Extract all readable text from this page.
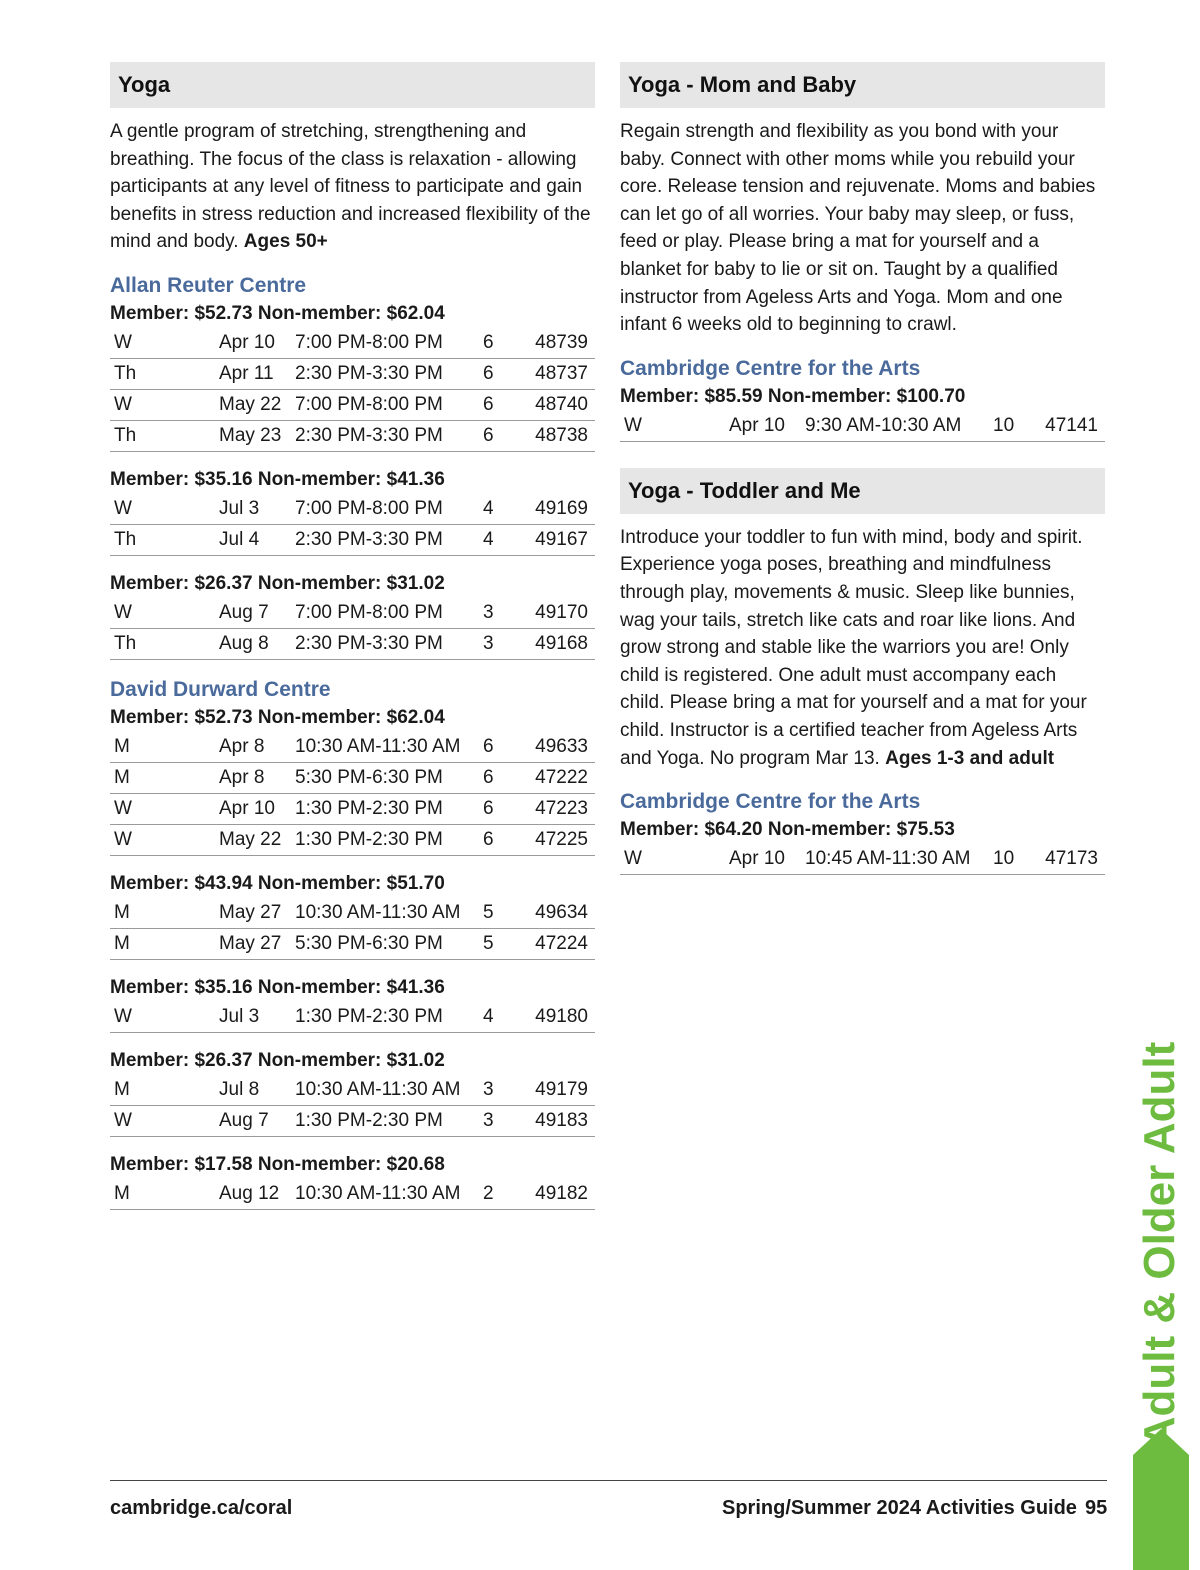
Yoga

A gentle program of stretching, strengthening and breathing. The focus of the class is relaxation - allowing participants at any level of fitness to participate and gain benefits in stress reduction and increased flexibility of the mind and body. Ages 50+

Allan Reuter Centre
Member: $52.73 Non-member: $62.04
W	Apr 10	7:00 PM-8:00 PM	6	48739
Th	Apr 11	2:30 PM-3:30 PM	6	48737
W	May 22	7:00 PM-8:00 PM	6	48740
Th	May 23	2:30 PM-3:30 PM	6	48738
Member: $35.16 Non-member: $41.36
W	Jul 3	7:00 PM-8:00 PM	4	49169
Th	Jul 4	2:30 PM-3:30 PM	4	49167
Member: $26.37 Non-member: $31.02
W	Aug 7	7:00 PM-8:00 PM	3	49170
Th	Aug 8	2:30 PM-3:30 PM	3	49168
David Durward Centre
Member: $52.73 Non-member: $62.04
M	Apr 8	10:30 AM-11:30 AM	6	49633
M	Apr 8	5:30 PM-6:30 PM	6	47222
W	Apr 10	1:30 PM-2:30 PM	6	47223
W	May 22	1:30 PM-2:30 PM	6	47225
Member: $43.94 Non-member: $51.70
M	May 27	10:30 AM-11:30 AM	5	49634
M	May 27	5:30 PM-6:30 PM	5	47224
Member: $35.16 Non-member: $41.36
W	Jul 3	1:30 PM-2:30 PM	4	49180
Member: $26.37 Non-member: $31.02
M	Jul 8	10:30 AM-11:30 AM	3	49179
W	Aug 7	1:30 PM-2:30 PM	3	49183
Member: $17.58 Non-member: $20.68
M	Aug 12	10:30 AM-11:30 AM	2	49182
Yoga - Mom and Baby

Regain strength and flexibility as you bond with your baby. Connect with other moms while you rebuild your core. Release tension and rejuvenate. Moms and babies can let go of all worries. Your baby may sleep, or fuss, feed or play. Please bring a mat for yourself and a blanket for baby to lie or sit on. Taught by a qualified instructor from Ageless Arts and Yoga. Mom and one infant 6 weeks old to beginning to crawl.

Cambridge Centre for the Arts
Member: $85.59 Non-member: $100.70
W	Apr 10	9:30 AM-10:30 AM	10	47141
Yoga - Toddler and Me

Introduce your toddler to fun with mind, body and spirit. Experience yoga poses, breathing and mindfulness through play, movements & music. Sleep like bunnies, wag your tails, stretch like cats and roar like lions. And grow strong and stable like the warriors you are! Only child is registered. One adult must accompany each child. Please bring a mat for yourself and a mat for your child. Instructor is a certified teacher from Ageless Arts and Yoga. No program Mar 13. Ages 1-3 and adult

Cambridge Centre for the Arts
Member: $64.20 Non-member: $75.53
W	Apr 10	10:45 AM-11:30 AM	10	47173
Adult & Older Adult
cambridge.ca/coral	Spring/Summer 2024 Activities Guide 95
